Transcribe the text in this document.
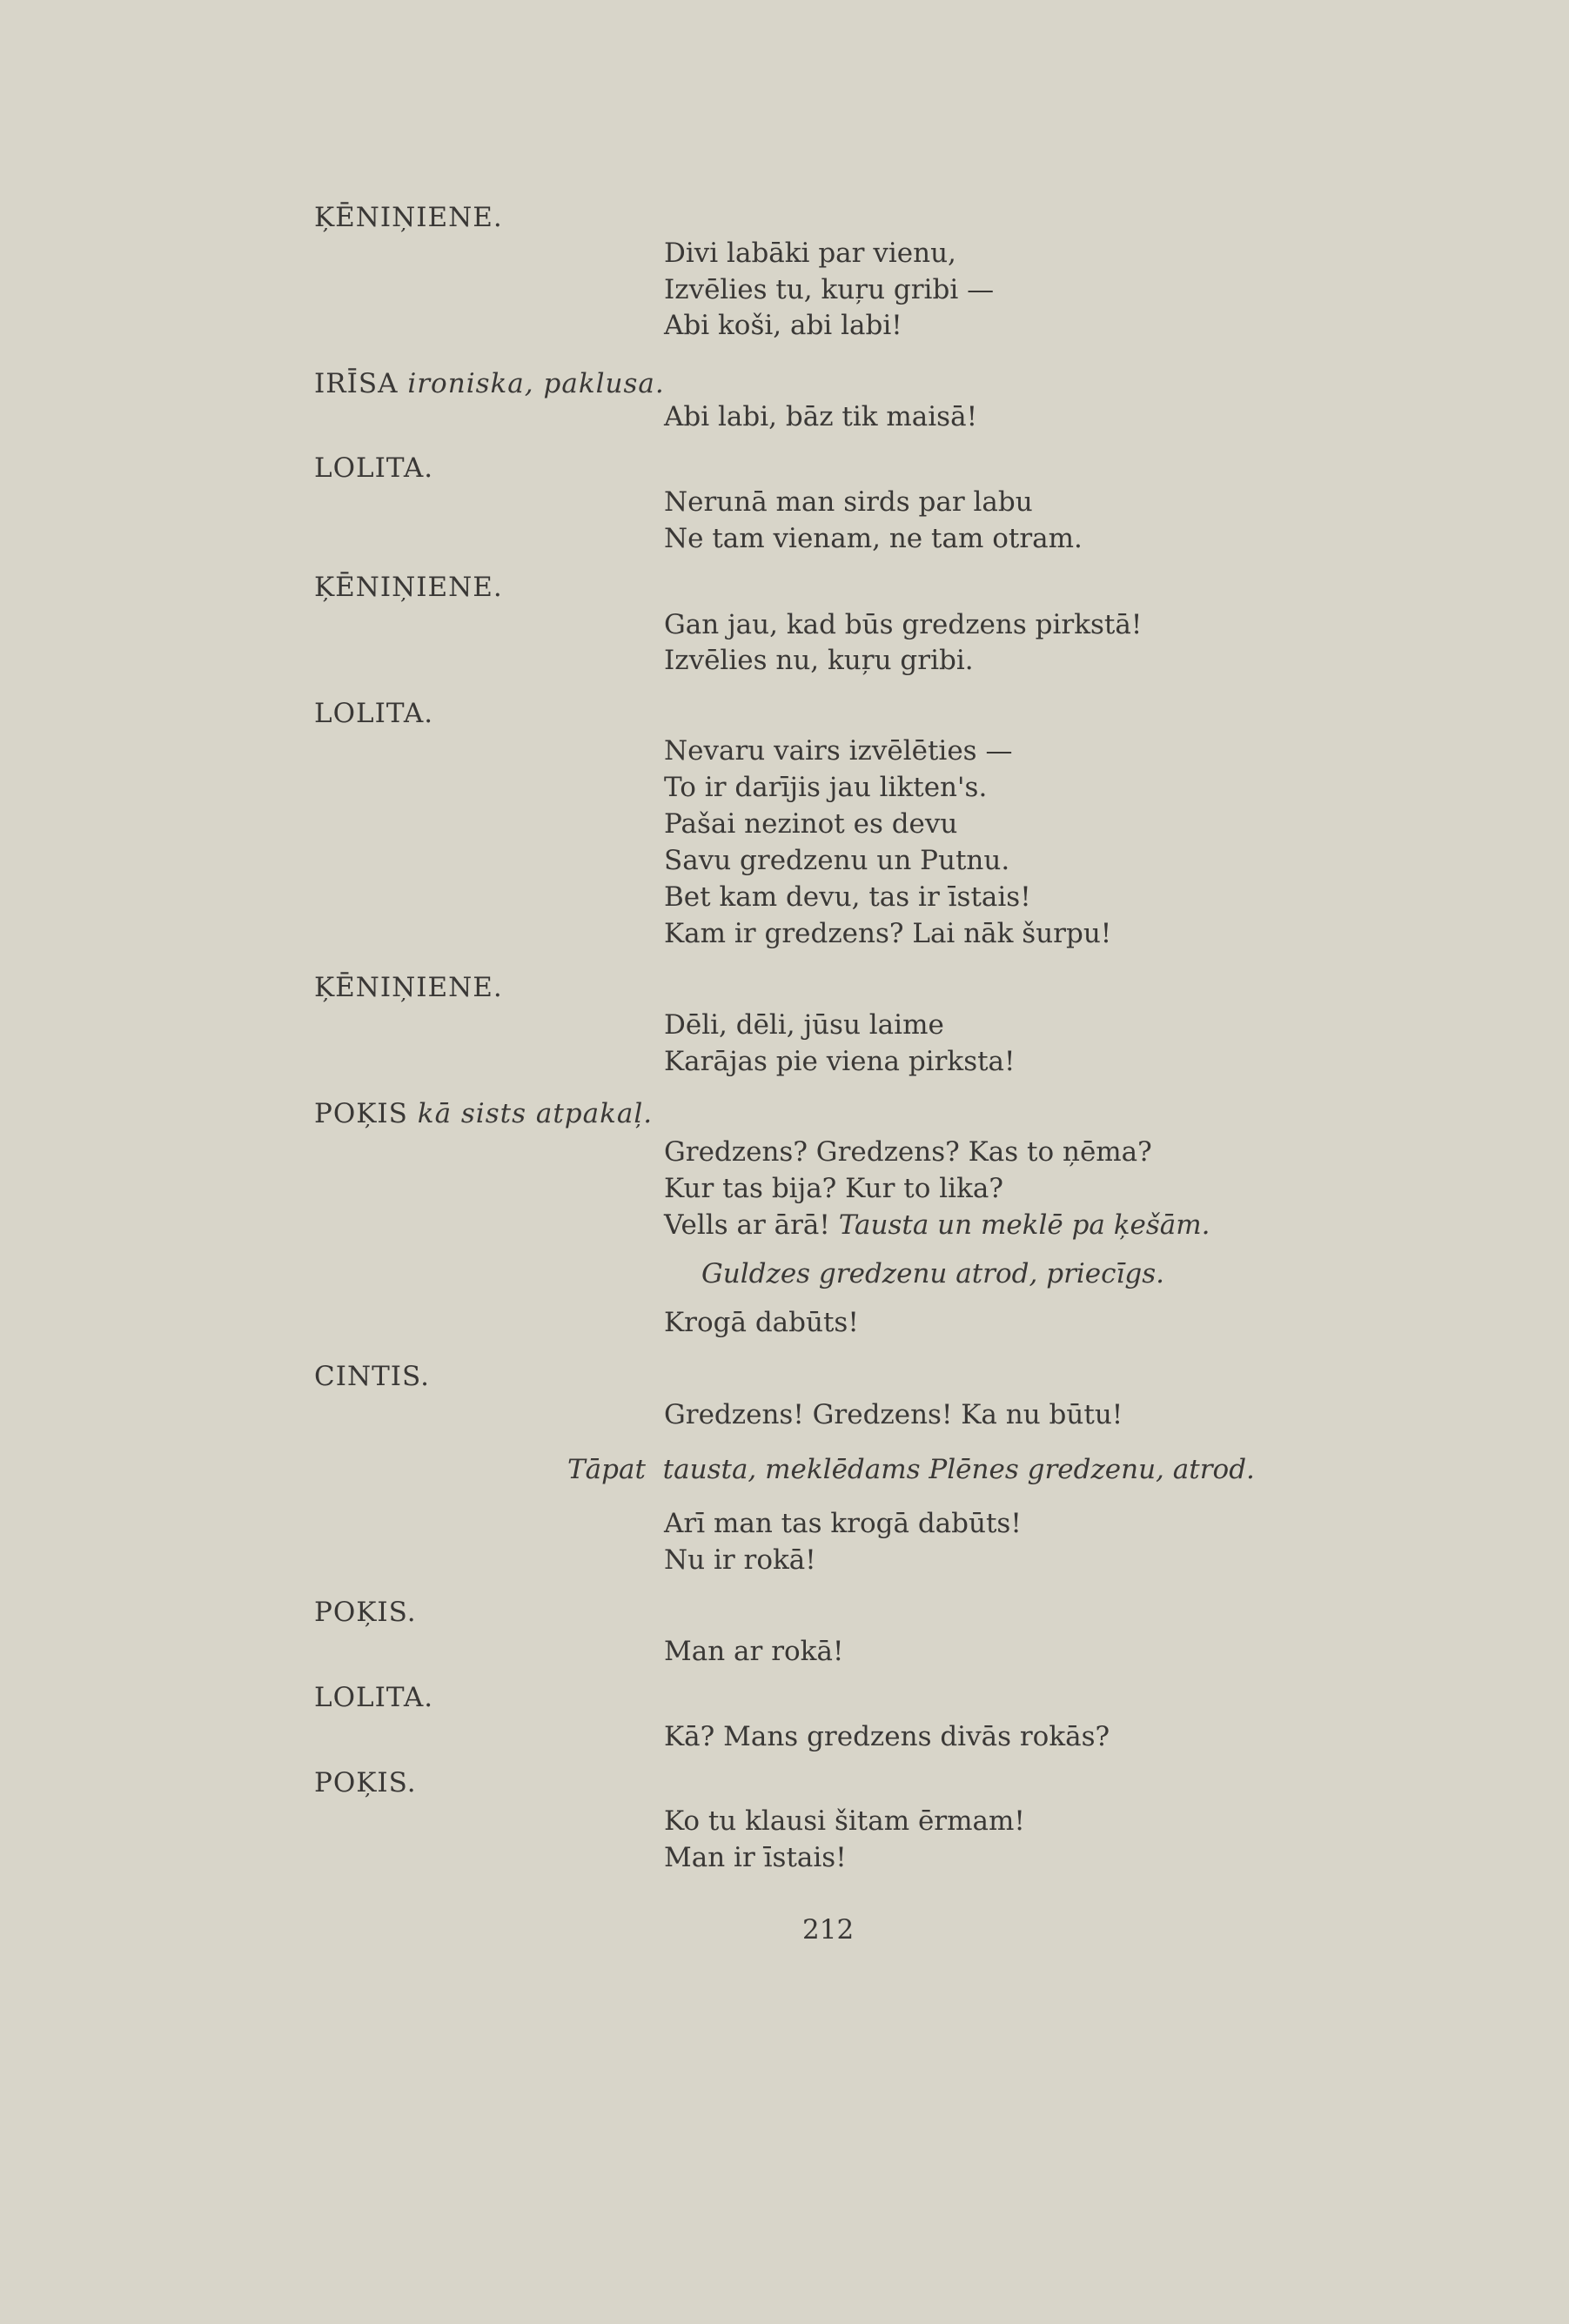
ĶĒNIŅIENE.
Divi labāki par vienu,
Izvēlies tu, kuŗu gribi —
Abi koši, abi labi!
IRĪSA ironiska, paklusa.
Abi labi, bāz tik maisā!
LOLITA.
Nerunā man sirds par labu
Ne tam vienam, ne tam otram.
ĶĒNIŅIENE.
Gan jau, kad būs gredzens pirkstā!
Izvēlies nu, kuŗu gribi.
LOLITA.
Nevaru vairs izvēlēties —
To ir darījis jau likten's.
Pašai nezinot es devu
Savu gredzenu un Putnu.
Bet kam devu, tas ir īstais!
Kam ir gredzens? Lai nāk šurpu!
ĶĒNIŅIENE.
Dēli, dēli, jūsu laime
Karājas pie viena pirksta!
POĶIS kā sists atpakaļ.
Gredzens? Gredzens? Kas to ņēma?
Kur tas bija? Kur to lika?
Vells ar ārā! Tausta un meklē pa ķešām.
Guldzes gredzenu atrod, priecīgs.
Krogā dabūts!
CINTIS.
Gredzens! Gredzens! Ka nu būtu!
Tāpat tausta, meklēdams Plēnes gredzenu, atrod.
Arī man tas krogā dabūts!
Nu ir rokā!
POĶIS.
Man ar rokā!
LOLITA.
Kā? Mans gredzens divās rokās?
POĶIS.
Ko tu klausi šitam ērmam!
Man ir īstais!
212
